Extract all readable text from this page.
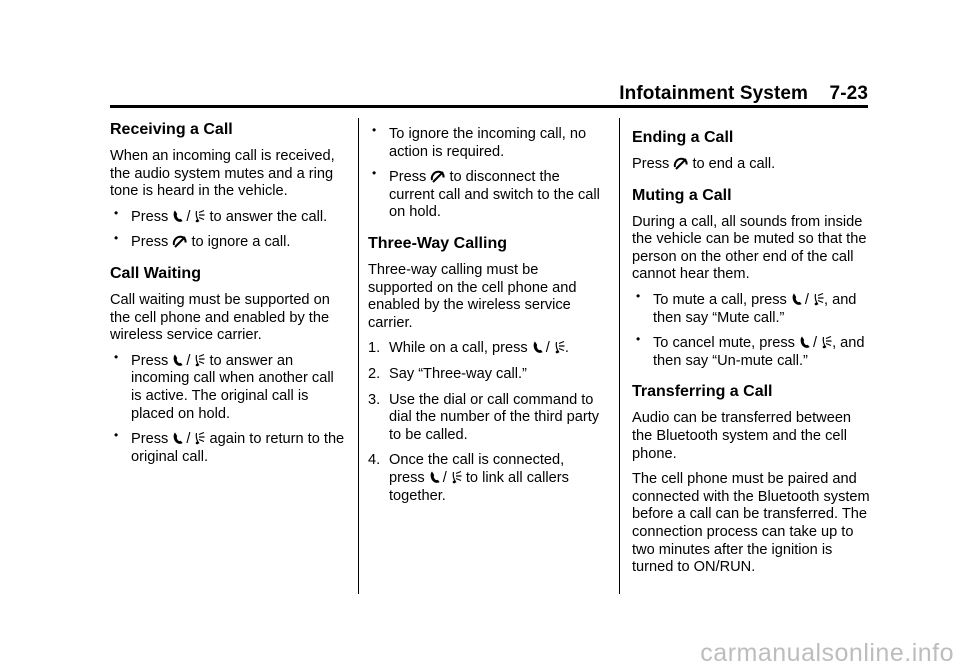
Infotainment System    7-23
Receiving a Call

When an incoming call is received, the audio system mutes and a ring tone is heard in the vehicle.

• Press / to answer the call.
• Press to ignore a call.
Call Waiting

Call waiting must be supported on the cell phone and enabled by the wireless service carrier.

• Press / to answer an incoming call when another call is active. The original call is placed on hold.
• Press / again to return to the original call.
• To ignore the incoming call, no action is required.
• Press to disconnect the current call and switch to the call on hold.
Three-Way Calling

Three-way calling must be supported on the cell phone and enabled by the wireless service carrier.

1. While on a call, press / .
2. Say “Three-way call.”
3. Use the dial or call command to dial the number of the third party to be called.
4. Once the call is connected,
press / to link all callers together.
Ending a Call

Press to end a call.

Muting a Call

During a call, all sounds from inside the vehicle can be muted so that the person on the other end of the call cannot hear them.

• To mute a call, press / , and then say “Mute call.”
• To cancel mute, press / , and then say “Un-mute call.”
Transferring a Call

Audio can be transferred between the Bluetooth system and the cell phone.

The cell phone must be paired and connected with the Bluetooth system before a call can be transferred. The connection process can take up to two minutes after the ignition is turned to ON/RUN.

carmanualsonline.info
